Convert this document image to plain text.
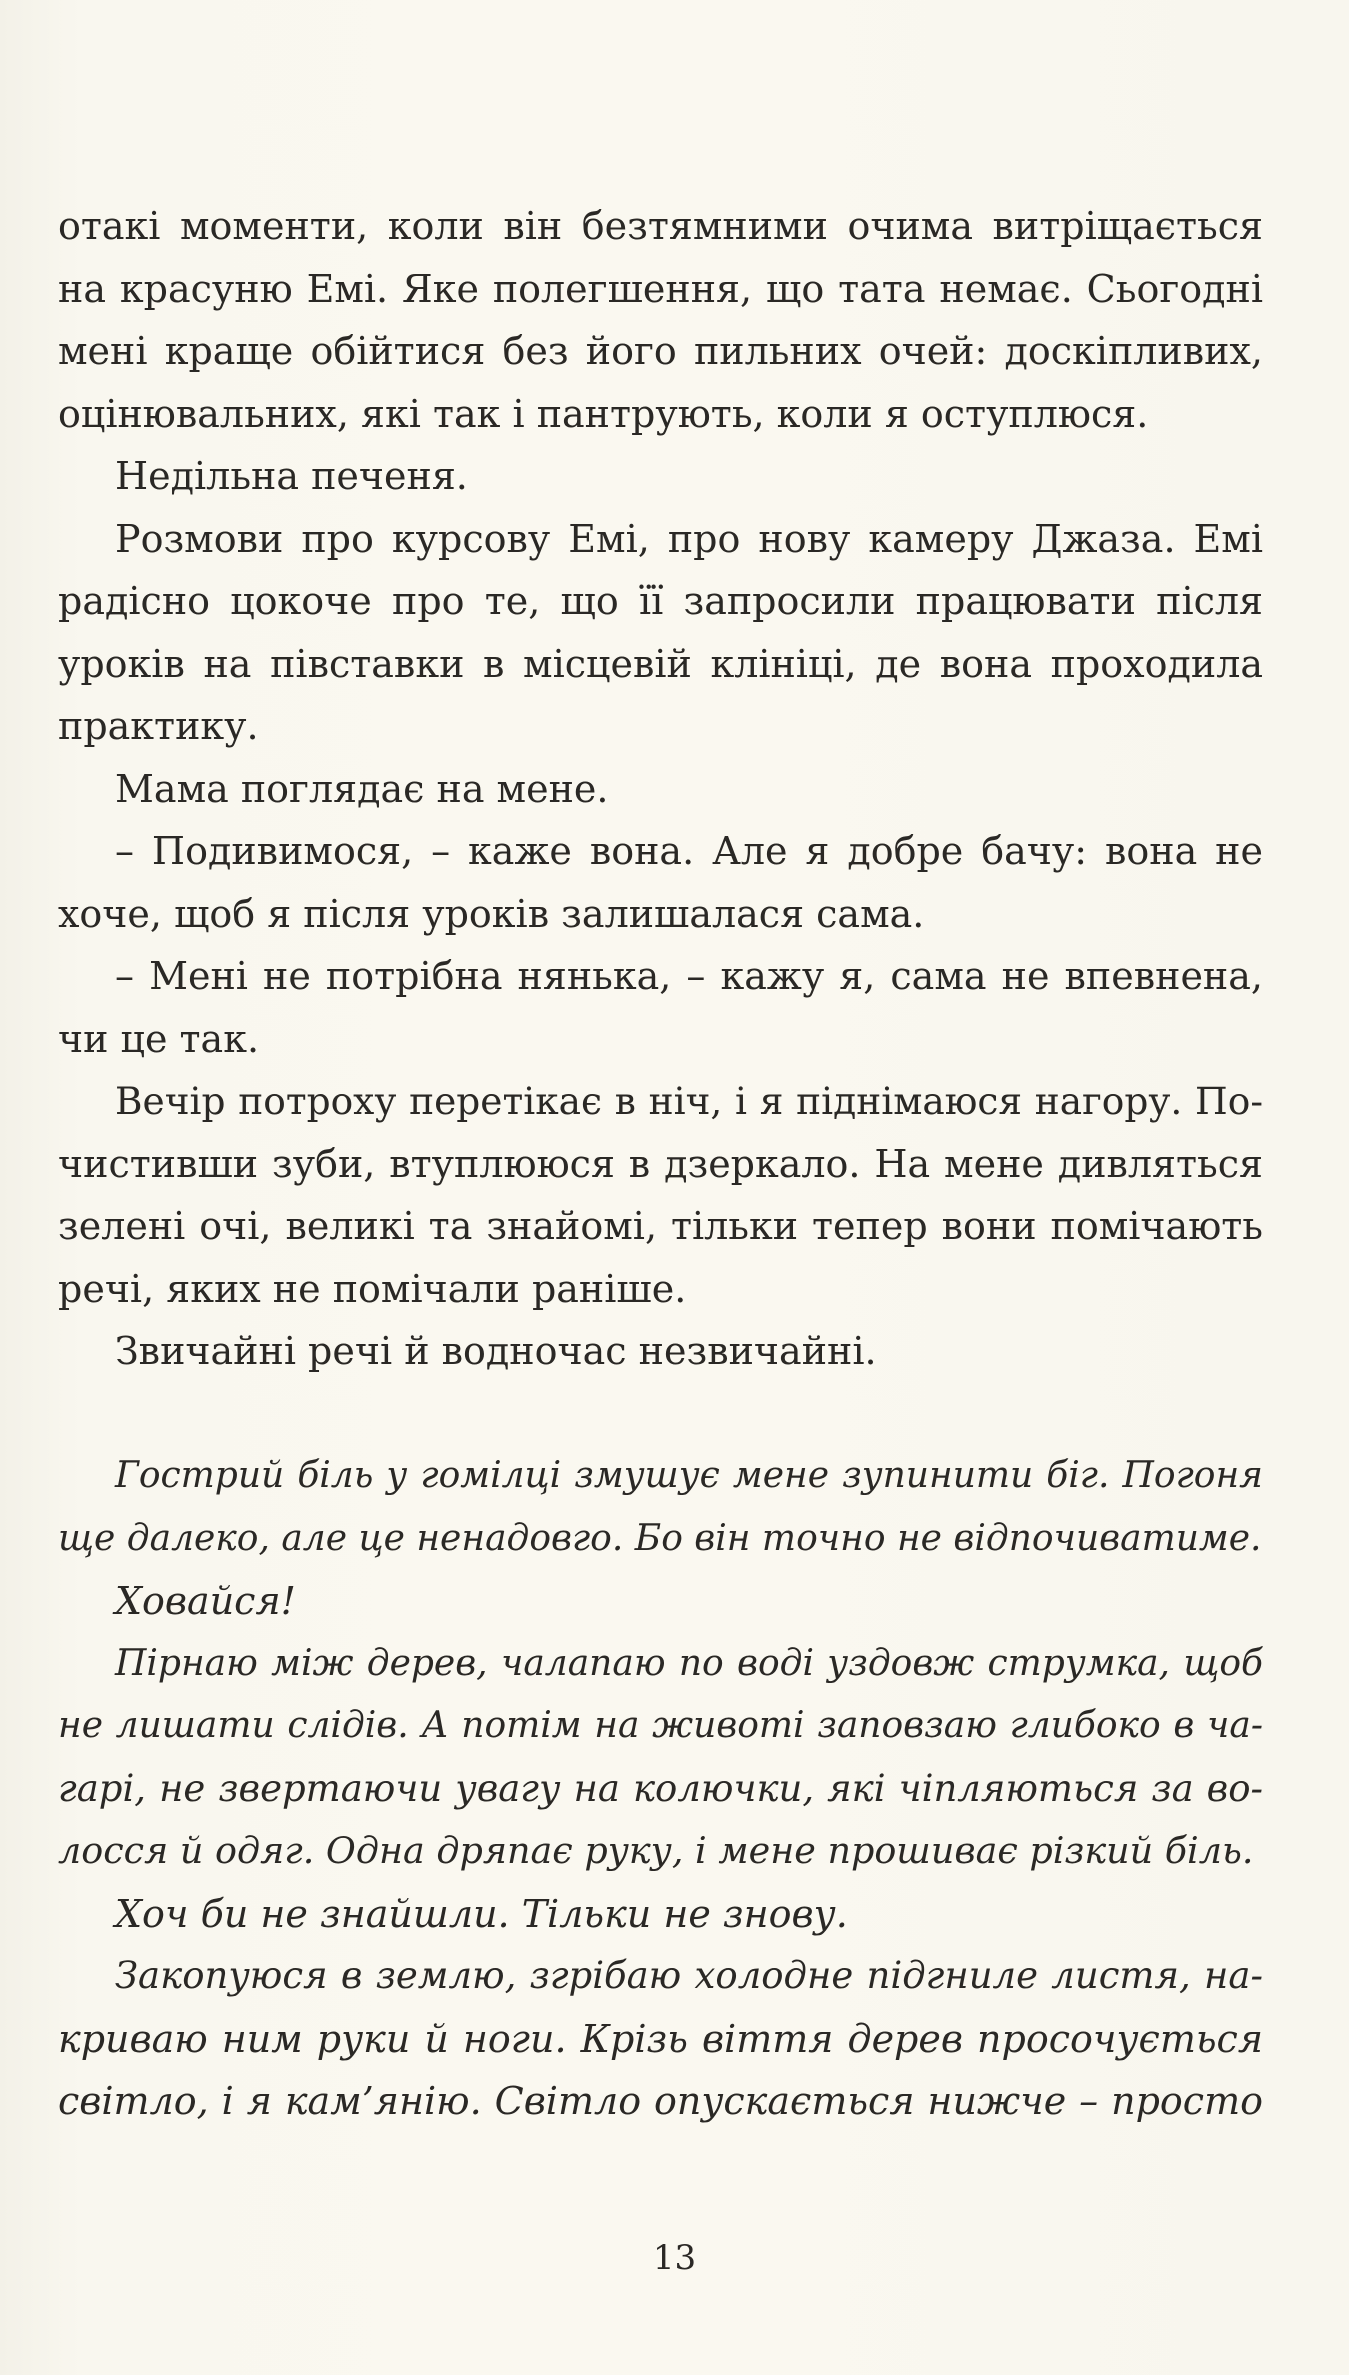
отакі моменти, коли він безтямними очима витріщається
на красуню Емі. Яке полегшення, що тата немає. Сьогодні
мені краще обійтися без його пильних очей: доскіпливих,
оцінювальних, які так і пантрують, коли я оступлюся.
Недільна печеня.
Розмови про курсову Емі, про нову камеру Джаза. Емі
радісно цокоче про те, що її запросили працювати після
уроків на півставки в місцевій клініці, де вона проходила
практику.
Мама поглядає на мене.
– Подивимося, – каже вона. Але я добре бачу: вона не
хоче, щоб я після уроків залишалася сама.
– Мені не потрібна нянька, – кажу я, сама не впевнена,
чи це так.
Вечір потроху перетікає в ніч, і я піднімаюся нагору. По-
чистивши зуби, втуплююся в дзеркало. На мене дивляться
зелені очі, великі та знайомі, тільки тепер вони помічають
речі, яких не помічали раніше.
Звичайні речі й водночас незвичайні.
Гострий біль у гомілці змушує мене зупинити біг. Погоня
ще далеко, але це ненадовго. Бо він точно не відпочиватиме.
Ховайся!
Пірнаю між дерев, чалапаю по воді уздовж струмка, щоб
не лишати слідів. А потім на животі заповзаю глибоко в ча-
гарі, не звертаючи увагу на колючки, які чіпляються за во-
лосся й одяг. Одна дряпає руку, і мене прошиває різкий біль.
Хоч би не знайшли. Тільки не знову.
Закопуюся в землю, згрібаю холодне підгниле листя, на-
криваю ним руки й ноги. Крізь віття дерев просочується
світло, і я кам’янію. Світло опускається нижче – просто
13
